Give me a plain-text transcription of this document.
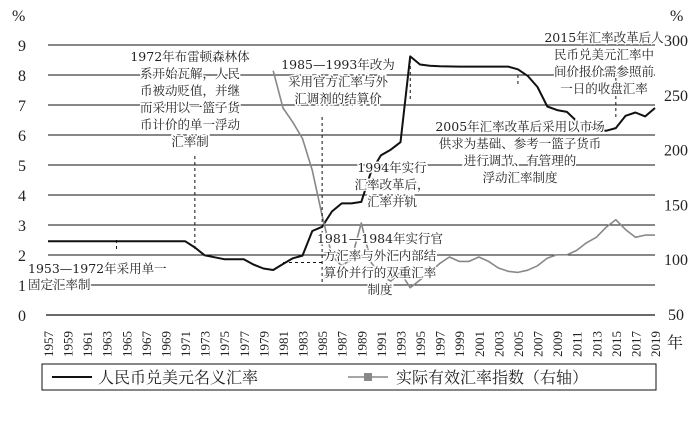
0
1
2
3
4
5
6
7
8
9
50
100
150
200
250
300
%	%
1957 1959 1961 1963 1965 1967 1969 1971 1973 1975 1977 1979 1981 1983 1985 1987 1989 1991 1993 1995 1997 1999 2001 2003 2005 2007 2009 2011 2013 2015 2017 2019 年
1953—1972年采用单一
固定汇率制
1972年布雷顿森林体
系开始瓦解，人民
币被动贬值，并继
而采用以一篮子货
币计价的单一浮动
汇率制
1981—1984年实行官
方汇率与外汇内部结
算价并行的双重汇率
制度
1985—1993年改为
采用官方汇率与外
汇调剂的结算价
1994年实行
汇率改革后，
汇率并轨
2005年汇率改革后采用以市场
供求为基础、参考一篮子货币
进行调节、有管理的
浮动汇率制度
2015年汇率改革后人
民币兑美元汇率中
间价报价需参照前
一日的收盘汇率
人民币兑美元名义汇率	实际有效汇率指数（右轴）
